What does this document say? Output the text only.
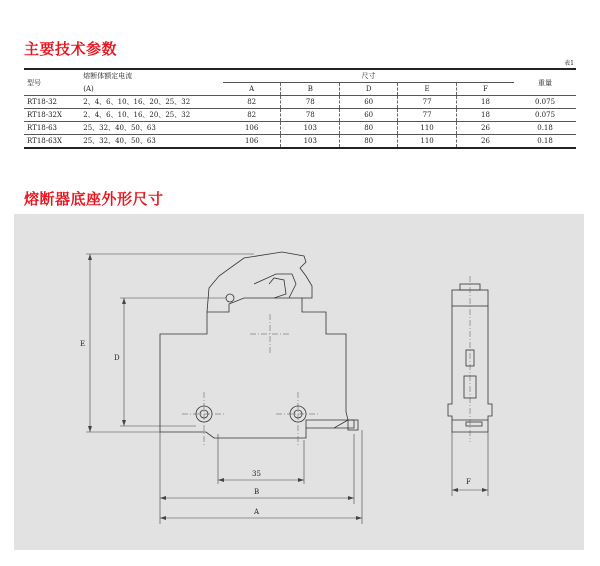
主要技术参数
表1
型号	熔断体额定电流	尺寸					重量
	(A)	A	B	D	E	F	
RT18-32	2、4、6、10、16、20、25、32	82	78	60	77	18	0.075
RT18-32X	2、4、6、10、16、20、25、32	82	78	60	77	18	0.075
RT18-63	25、32、40、50、63	106	103	80	110	26	0.18
RT18-63X	25、32、40、50、63	106	103	80	110	26	0.18
熔断器底座外形尺寸
E
D
35
B
A
F
